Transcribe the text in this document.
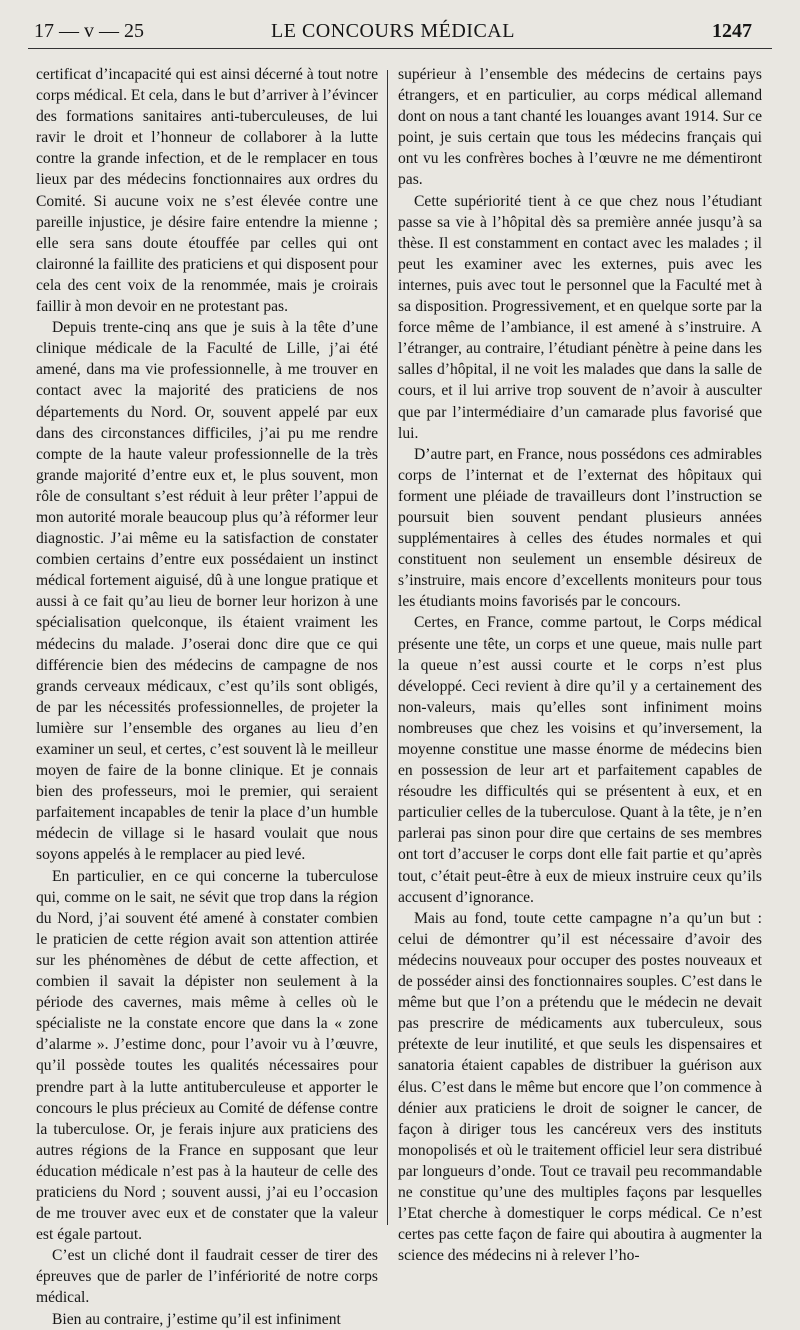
17 — v — 25	LE CONCOURS MÉDICAL	1247

certificat d’incapacité qui est ainsi décerné à tout notre corps médical. Et cela, dans le but d’arriver à l’évincer des formations sanitaires anti-tuberculeuses, de lui ravir le droit et l’honneur de collaborer à la lutte contre la grande infection, et de le remplacer en tous lieux par des médecins fonctionnaires aux ordres du Comité. Si aucune voix ne s’est élevée contre une pareille injustice, je désire faire entendre la mienne ; elle sera sans doute étouffée par celles qui ont claironné la faillite des praticiens et qui disposent pour cela des cent voix de la renommée, mais je croirais faillir à mon devoir en ne protestant pas.

Depuis trente-cinq ans que je suis à la tête d’une clinique médicale de la Faculté de Lille, j’ai été amené, dans ma vie professionnelle, à me trouver en contact avec la majorité des praticiens de nos départements du Nord. Or, souvent appelé par eux dans des circonstances difficiles, j’ai pu me rendre compte de la haute valeur professionnelle de la très grande majorité d’entre eux et, le plus souvent, mon rôle de consultant s’est réduit à leur prêter l’appui de mon autorité morale beaucoup plus qu’à réformer leur diagnostic. J’ai même eu la satisfaction de constater combien certains d’entre eux possédaient un instinct médical fortement aiguisé, dû à une longue pratique et aussi à ce fait qu’au lieu de borner leur horizon à une spécialisation quelconque, ils étaient vraiment les médecins du malade. J’oserai donc dire que ce qui différencie bien des médecins de campagne de nos grands cerveaux médicaux, c’est qu’ils sont obligés, de par les nécessités professionnelles, de projeter la lumière sur l’ensemble des organes au lieu d’en examiner un seul, et certes, c’est souvent là le meilleur moyen de faire de la bonne clinique. Et je connais bien des professeurs, moi le premier, qui seraient parfaitement incapables de tenir la place d’un humble médecin de village si le hasard voulait que nous soyons appelés à le remplacer au pied levé.

En particulier, en ce qui concerne la tuberculose qui, comme on le sait, ne sévit que trop dans la région du Nord, j’ai souvent été amené à constater combien le praticien de cette région avait son attention attirée sur les phénomènes de début de cette affection, et combien il savait la dépister non seulement à la période des cavernes, mais même à celles où le spécialiste ne la constate encore que dans la « zone d’alarme ». J’estime donc, pour l’avoir vu à l’œuvre, qu’il possède toutes les qualités nécessaires pour prendre part à la lutte antituberculeuse et apporter le concours le plus précieux au Comité de défense contre la tuberculose. Or, je ferais injure aux praticiens des autres régions de la France en supposant que leur éducation médicale n’est pas à la hauteur de celle des praticiens du Nord ; souvent aussi, j’ai eu l’occasion de me trouver avec eux et de constater que la valeur est égale partout.

C’est un cliché dont il faudrait cesser de tirer des épreuves que de parler de l’infériorité de notre corps médical.

Bien au contraire, j’estime qu’il est infiniment

supérieur à l’ensemble des médecins de certains pays étrangers, et en particulier, au corps médical allemand dont on nous a tant chanté les louanges avant 1914. Sur ce point, je suis certain que tous les médecins français qui ont vu les confrères boches à l’œuvre ne me démentiront pas.

Cette supériorité tient à ce que chez nous l’étudiant passe sa vie à l’hôpital dès sa première année jusqu’à sa thèse. Il est constamment en contact avec les malades ; il peut les examiner avec les externes, puis avec les internes, puis avec tout le personnel que la Faculté met à sa disposition. Progressivement, et en quelque sorte par la force même de l’ambiance, il est amené à s’instruire. A l’étranger, au contraire, l’étudiant pénètre à peine dans les salles d’hôpital, il ne voit les malades que dans la salle de cours, et il lui arrive trop souvent de n’avoir à ausculter que par l’intermédiaire d’un camarade plus favorisé que lui.

D’autre part, en France, nous possédons ces admirables corps de l’internat et de l’externat des hôpitaux qui forment une pléiade de travailleurs dont l’instruction se poursuit bien souvent pendant plusieurs années supplémentaires à celles des études normales et qui constituent non seulement un ensemble désireux de s’instruire, mais encore d’excellents moniteurs pour tous les étudiants moins favorisés par le concours.

Certes, en France, comme partout, le Corps médical présente une tête, un corps et une queue, mais nulle part la queue n’est aussi courte et le corps n’est plus développé. Ceci revient à dire qu’il y a certainement des non-valeurs, mais qu’elles sont infiniment moins nombreuses que chez les voisins et qu’inversement, la moyenne constitue une masse énorme de médecins bien en possession de leur art et parfaitement capables de résoudre les difficultés qui se présentent à eux, et en particulier celles de la tuberculose. Quant à la tête, je n’en parlerai pas sinon pour dire que certains de ses membres ont tort d’accuser le corps dont elle fait partie et qu’après tout, c’était peut-être à eux de mieux instruire ceux qu’ils accusent d’ignorance.

Mais au fond, toute cette campagne n’a qu’un but : celui de démontrer qu’il est nécessaire d’avoir des médecins nouveaux pour occuper des postes nouveaux et de posséder ainsi des fonctionnaires souples. C’est dans le même but que l’on a prétendu que le médecin ne devait pas prescrire de médicaments aux tuberculeux, sous prétexte de leur inutilité, et que seuls les dispensaires et sanatoria étaient capables de distribuer la guérison aux élus. C’est dans le même but encore que l’on commence à dénier aux praticiens le droit de soigner le cancer, de façon à diriger tous les cancéreux vers des instituts monopolisés et où le traitement officiel leur sera distribué par longueurs d’onde. Tout ce travail peu recommandable ne constitue qu’une des multiples façons par lesquelles l’Etat cherche à domestiquer le corps médical. Ce n’est certes pas cette façon de faire qui aboutira à augmenter la science des médecins ni à relever l’ho-
